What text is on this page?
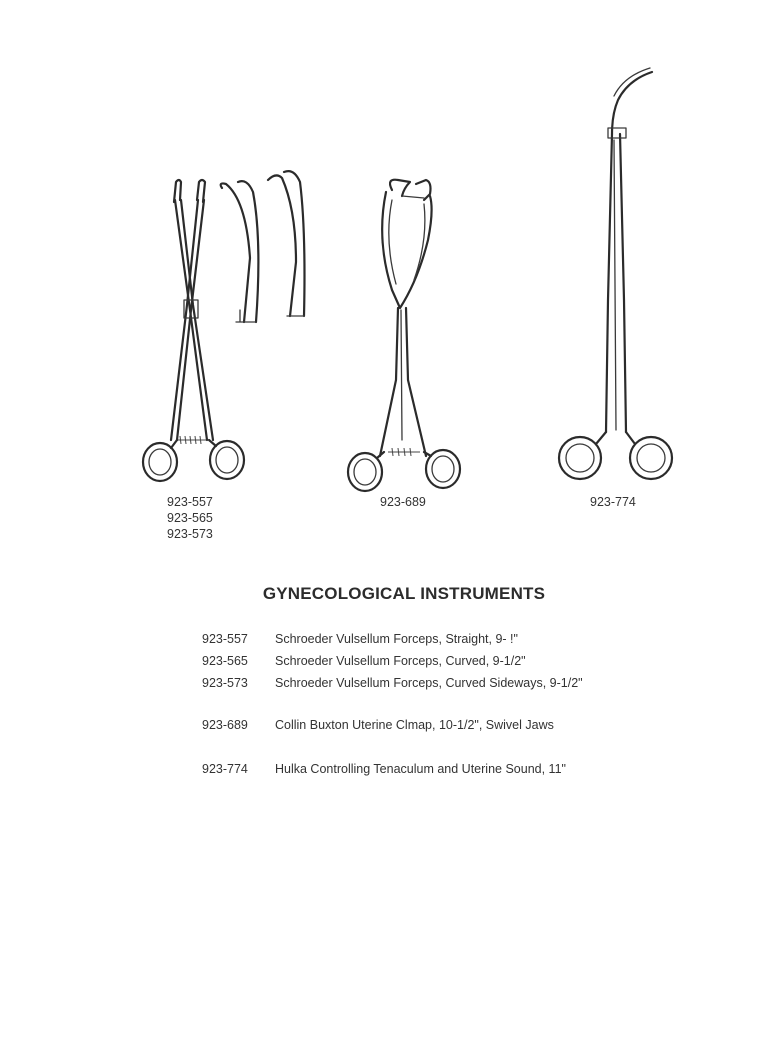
923-557
923-565
923-573
923-689	923-774
GYNECOLOGICAL INSTRUMENTS
923-557	Schroeder Vulsellum Forceps, Straight, 9- !"
923-565	Schroeder Vulsellum Forceps, Curved, 9-1/2"
923-573	Schroeder Vulsellum Forceps, Curved Sideways, 9-1/2"
923-689	Collin Buxton Uterine Clmap, 10-1/2", Swivel Jaws
923-774	Hulka Controlling Tenaculum and Uterine Sound, 11"
